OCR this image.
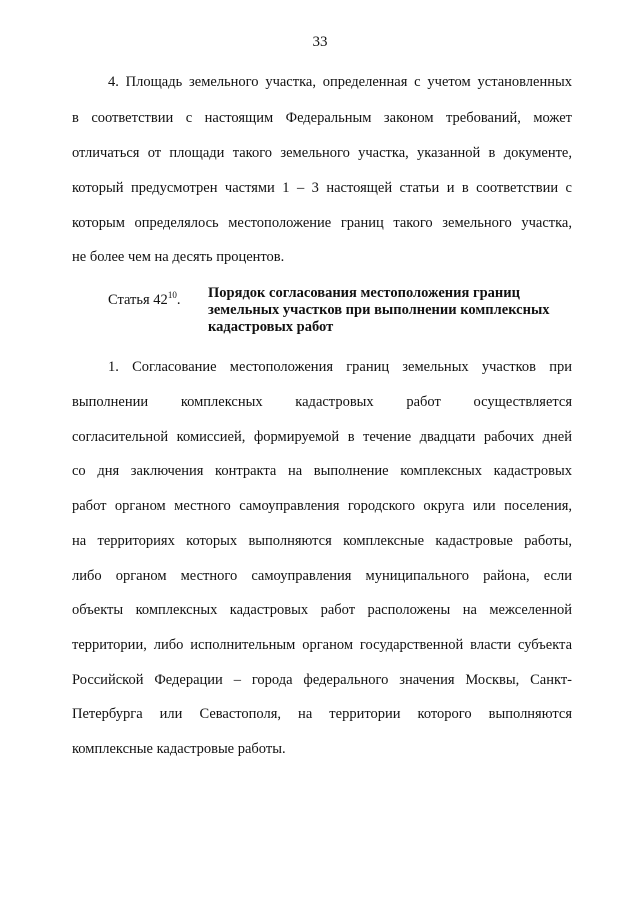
33
4. Площадь земельного участка, определенная с учетом установленных
в соответствии с настоящим Федеральным законом требований, может
отличаться от площади такого земельного участка, указанной в документе,
который предусмотрен частями 1 – 3 настоящей статьи и в соответствии с
которым определялось местоположение границ такого земельного участка,
не более чем на десять процентов.
Статья $42^{10}$. Порядок согласования местоположения границ
земельных участков при выполнении комплексных
кадастровых работ
1. Согласование местоположения границ земельных участков при
выполнении комплексных кадастровых работ осуществляется
согласительной комиссией, формируемой в течение двадцати рабочих дней
со дня заключения контракта на выполнение комплексных кадастровых
работ органом местного самоуправления городского округа или поселения,
на территориях которых выполняются комплексные кадастровые работы,
либо органом местного самоуправления муниципального района, если
объекты комплексных кадастровых работ расположены на межселенной
территории, либо исполнительным органом государственной власти субъекта
Российской Федерации – города федерального значения Москвы, Санкт-
Петербурга или Севастополя, на территории которого выполняются
комплексные кадастровые работы.
